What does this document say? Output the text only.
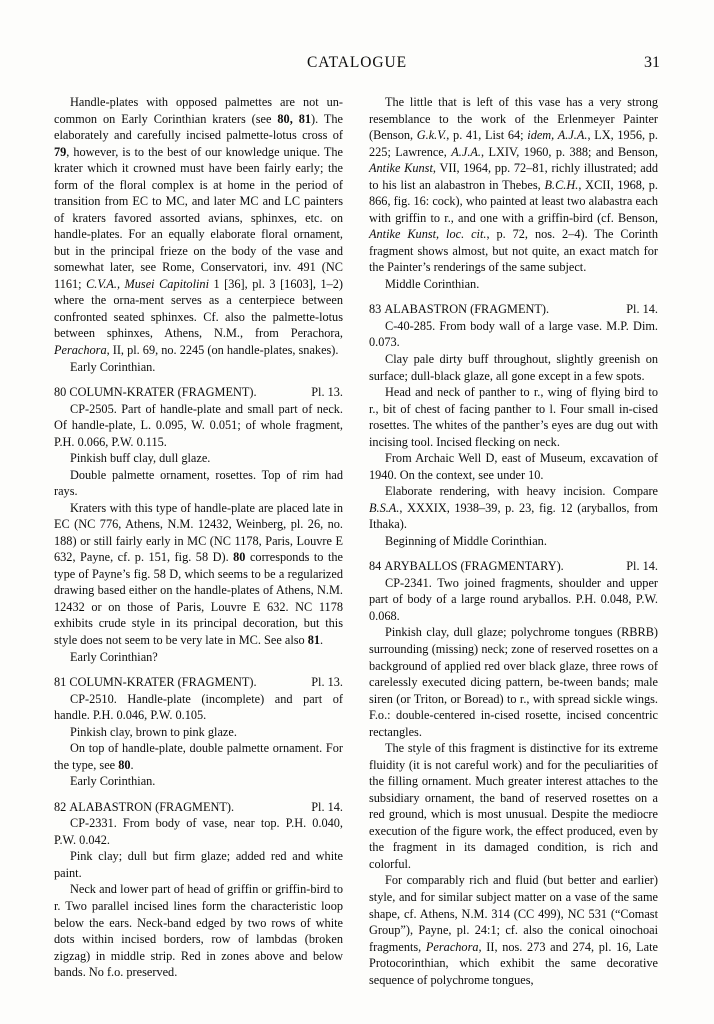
CATALOGUE	31

Handle-plates with opposed palmettes are not un-common on Early Corinthian kraters (see 80, 81). The elaborately and carefully incised palmette-lotus cross of 79, however, is to the best of our knowledge unique. The krater which it crowned must have been fairly early; the form of the floral complex is at home in the period of transition from EC to MC, and later MC and LC painters of kraters favored assorted avians, sphinxes, etc. on handle-plates. For an equally elaborate floral ornament, but in the principal frieze on the body of the vase and somewhat later, see Rome, Conservatori, inv. 491 (NC 1161; C.V.A., Musei Capitolini 1 [36], pl. 3 [1603], 1–2) where the orna-ment serves as a centerpiece between confronted seated sphinxes. Cf. also the palmette-lotus between sphinxes, Athens, N.M., from Perachora, Perachora, II, pl. 69, no. 2245 (on handle-plates, snakes).

Early Corinthian.

Pl. 13.
80 COLUMN-KRATER (FRAGMENT).

CP-2505. Part of handle-plate and small part of neck. Of handle-plate, L. 0.095, W. 0.051; of whole fragment, P.H. 0.066, P.W. 0.115.

Pinkish buff clay, dull glaze.

Double palmette ornament, rosettes. Top of rim had rays.

Kraters with this type of handle-plate are placed late in EC (NC 776, Athens, N.M. 12432, Weinberg, pl. 26, no. 188) or still fairly early in MC (NC 1178, Paris, Louvre E 632, Payne, cf. p. 151, fig. 58 D). 80 corresponds to the type of Payne’s fig. 58 D, which seems to be a regularized drawing based either on the handle-plates of Athens, N.M. 12432 or on those of Paris, Louvre E 632. NC 1178 exhibits crude style in its principal decoration, but this style does not seem to be very late in MC. See also 81.

Early Corinthian?

Pl. 13.
81 COLUMN-KRATER (FRAGMENT).

CP-2510. Handle-plate (incomplete) and part of handle. P.H. 0.046, P.W. 0.105.

Pinkish clay, brown to pink glaze.

On top of handle-plate, double palmette ornament. For the type, see 80.

Early Corinthian.

Pl. 14.
82 ALABASTRON (FRAGMENT).

CP-2331. From body of vase, near top. P.H. 0.040, P.W. 0.042.

Pink clay; dull but firm glaze; added red and white paint.

Neck and lower part of head of griffin or griffin-bird to r. Two parallel incised lines form the characteristic loop below the ears. Neck-band edged by two rows of white dots within incised borders, row of lambdas (broken zigzag) in middle strip. Red in zones above and below bands. No f.o. preserved.

The little that is left of this vase has a very strong resemblance to the work of the Erlenmeyer Painter (Benson, G.k.V., p. 41, List 64; idem, A.J.A., LX, 1956, p. 225; Lawrence, A.J.A., LXIV, 1960, p. 388; and Benson, Antike Kunst, VII, 1964, pp. 72–81, richly illustrated; add to his list an alabastron in Thebes, B.C.H., XCII, 1968, p. 866, fig. 16: cock), who painted at least two alabastra each with griffin to r., and one with a griffin-bird (cf. Benson, Antike Kunst, loc. cit., p. 72, nos. 2–4). The Corinth fragment shows almost, but not quite, an exact match for the Painter’s renderings of the same subject.

Middle Corinthian.

Pl. 14.
83 ALABASTRON (FRAGMENT).

C-40-285. From body wall of a large vase. M.P. Dim. 0.073.

Clay pale dirty buff throughout, slightly greenish on surface; dull-black glaze, all gone except in a few spots.

Head and neck of panther to r., wing of flying bird to r., bit of chest of facing panther to l. Four small in-cised rosettes. The whites of the panther’s eyes are dug out with incising tool. Incised flecking on neck.

From Archaic Well D, east of Museum, excavation of 1940. On the context, see under 10.

Elaborate rendering, with heavy incision. Compare B.S.A., XXXIX, 1938–39, p. 23, fig. 12 (aryballos, from Ithaka).

Beginning of Middle Corinthian.

Pl. 14.
84 ARYBALLOS (FRAGMENTARY).

CP-2341. Two joined fragments, shoulder and upper part of body of a large round aryballos. P.H. 0.048, P.W. 0.068.

Pinkish clay, dull glaze; polychrome tongues (RBRB) surrounding (missing) neck; zone of reserved rosettes on a background of applied red over black glaze, three rows of carelessly executed dicing pattern, be-tween bands; male siren (or Triton, or Boread) to r., with spread sickle wings. F.o.: double-centered in-cised rosette, incised concentric rectangles.

The style of this fragment is distinctive for its extreme fluidity (it is not careful work) and for the peculiarities of the filling ornament. Much greater interest attaches to the subsidiary ornament, the band of reserved rosettes on a red ground, which is most unusual. Despite the mediocre execution of the figure work, the effect produced, even by the fragment in its damaged condition, is rich and colorful.

For comparably rich and fluid (but better and earlier) style, and for similar subject matter on a vase of the same shape, cf. Athens, N.M. 314 (CC 499), NC 531 (“Comast Group”), Payne, pl. 24:1; cf. also the conical oinochoai fragments, Perachora, II, nos. 273 and 274, pl. 16, Late Protocorinthian, which exhibit the same decorative sequence of polychrome tongues,
